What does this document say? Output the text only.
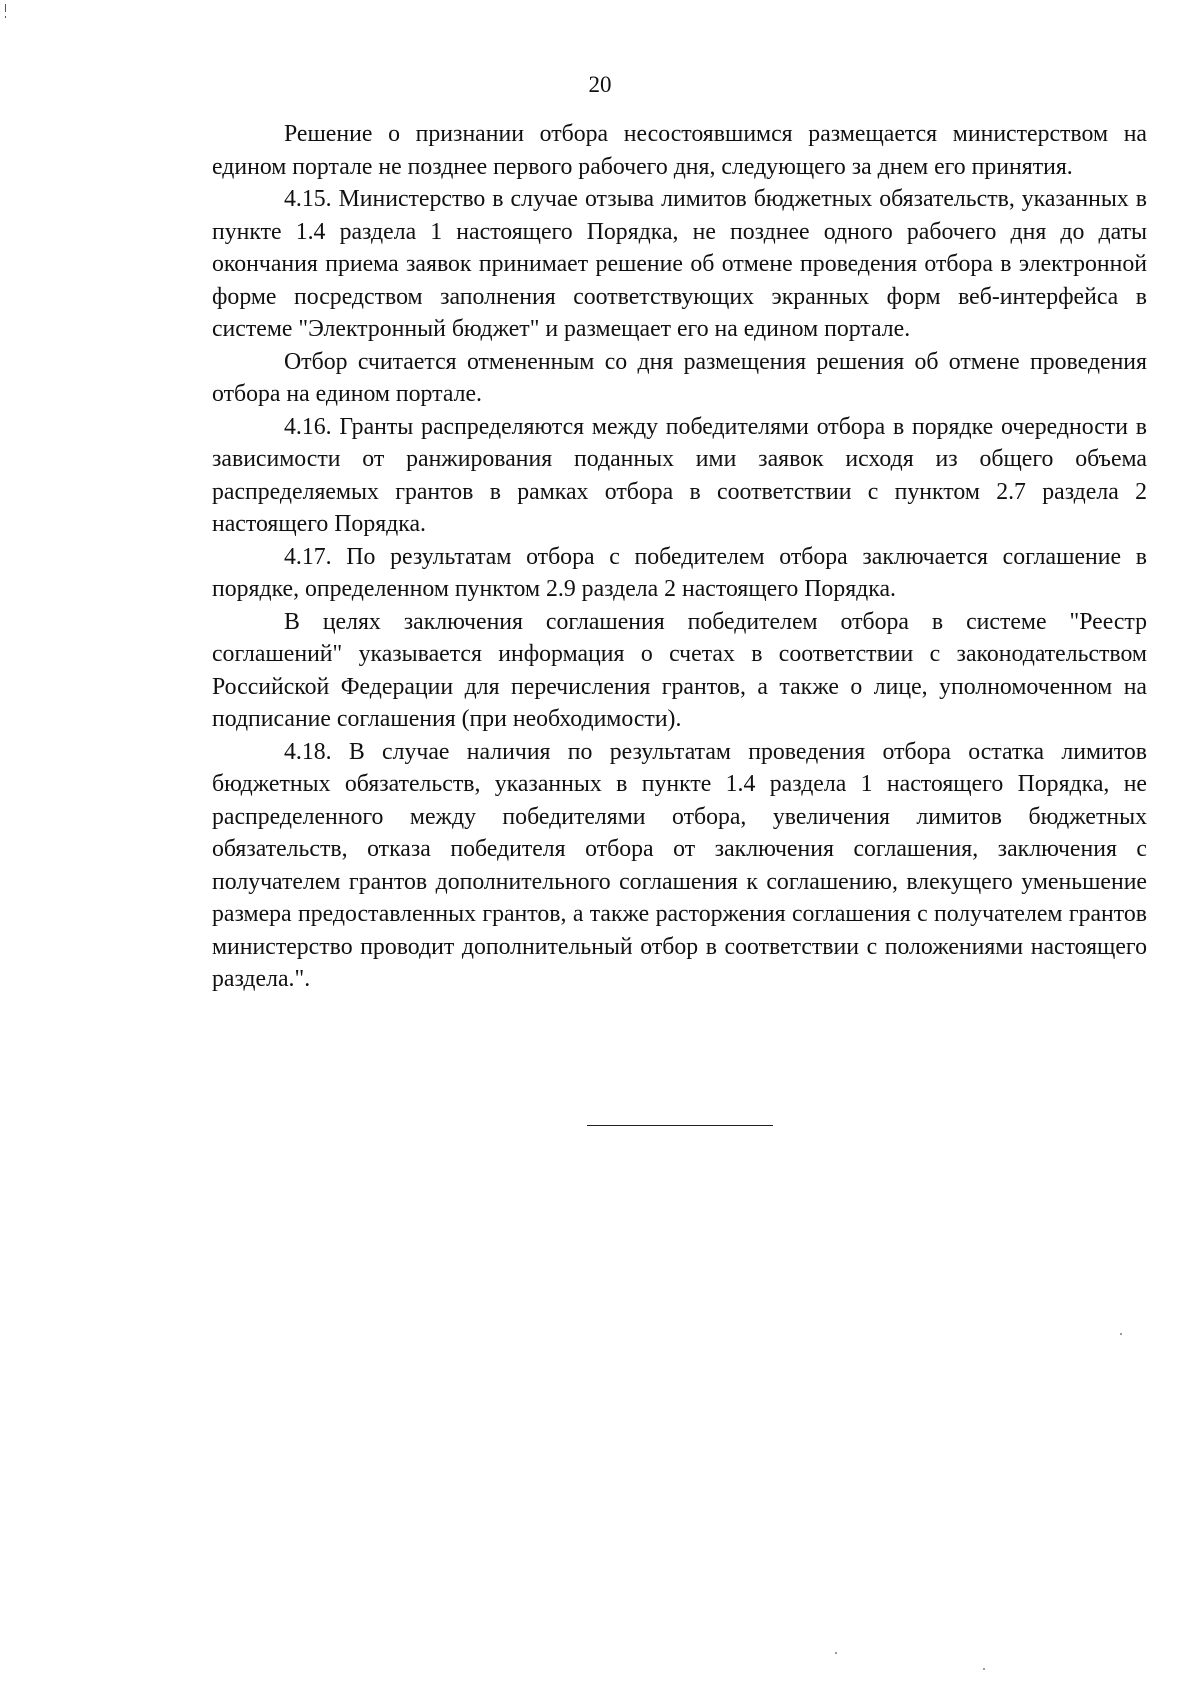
20

Решение о признании отбора несостоявшимся размещается министерством на едином портале не позднее первого рабочего дня, следующего за днем его принятия.

4.15. Министерство в случае отзыва лимитов бюджетных обязательств, указанных в пункте 1.4 раздела 1 настоящего Порядка, не позднее одного рабочего дня до даты окончания приема заявок принимает решение об отмене проведения отбора в электронной форме посредством заполнения соответствующих экранных форм веб-интерфейса в системе "Электронный бюджет" и размещает его на едином портале.

Отбор считается отмененным со дня размещения решения об отмене проведения отбора на едином портале.

4.16. Гранты распределяются между победителями отбора в порядке очередности в зависимости от ранжирования поданных ими заявок исходя из общего объема распределяемых грантов в рамках отбора в соответствии с пунктом 2.7 раздела 2 настоящего Порядка.

4.17. По результатам отбора с победителем отбора заключается соглашение в порядке, определенном пунктом 2.9 раздела 2 настоящего Порядка.

В целях заключения соглашения победителем отбора в системе "Реестр соглашений" указывается информация о счетах в соответствии с законодательством Российской Федерации для перечисления грантов, а также о лице, уполномоченном на подписание соглашения (при необходимости).

4.18. В случае наличия по результатам проведения отбора остатка лимитов бюджетных обязательств, указанных в пункте 1.4 раздела 1 настоящего Порядка, не распределенного между победителями отбора, увеличения лимитов бюджетных обязательств, отказа победителя отбора от заключения соглашения, заключения с получателем грантов дополнительного соглашения к соглашению, влекущего уменьшение размера предоставленных грантов, а также расторжения соглашения с получателем грантов министерство проводит дополнительный отбор в соответствии с положениями настоящего раздела.".
